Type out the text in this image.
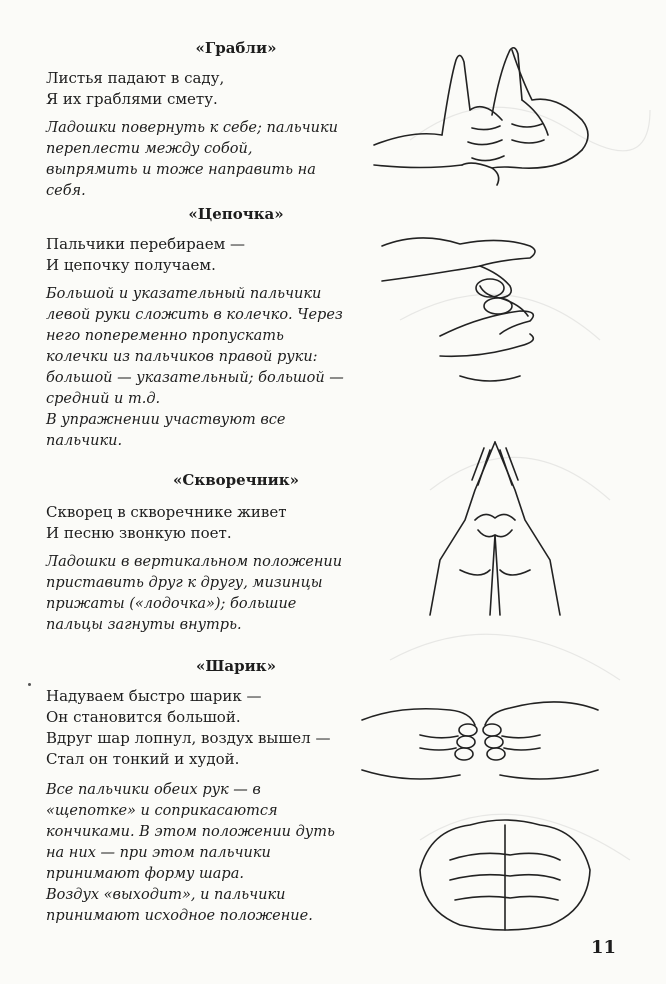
«Грабли»

Листья падают в саду,

Я их граблями смету.

Ладошки повернуть к себе; пальчики переплести между собой, выпрямить и тоже направить на себя.

«Цепочка»

Пальчики перебираем —

И цепочку получаем.

Большой и указательный пальчики левой руки сложить в колечко. Через него попеременно пропускать колечки из пальчиков правой руки: большой — указательный; большой — средний и т.д.

В упражнении участвуют все пальчики.

«Скворечник»

Скворец в скворечнике живет

И песню звонкую поет.

Ладошки в вертикальном положении приставить друг к другу, мизинцы прижаты («лодочка»); большие пальцы загнуты внутрь.

«Шарик»

Надуваем быстро шарик —

Он становится большой.

Вдруг шар лопнул, воздух вышел —

Стал он тонкий и худой.

Все пальчики обеих рук — в «щепотке» и соприкасаются кончиками. В этом положении дуть на них — при этом пальчики принимают форму шара.

Воздух «выходит», и пальчики принимают исходное положение.

11
